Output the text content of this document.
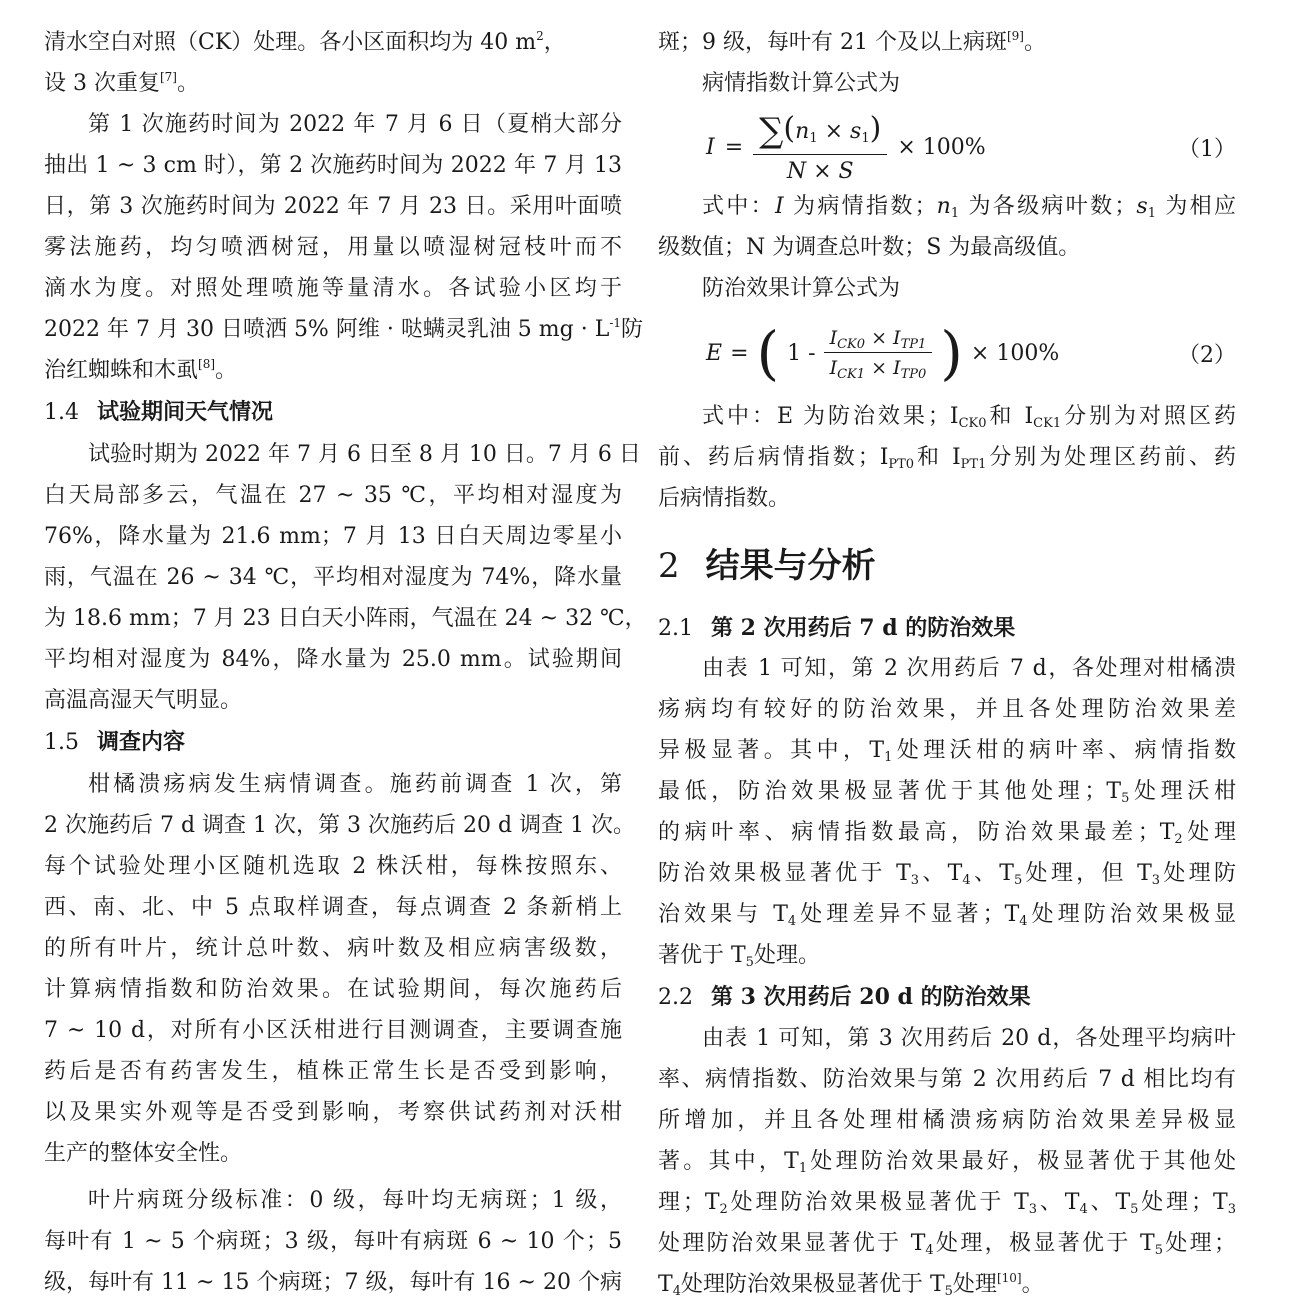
清水空白对照（CK）处理。各小区面积均为 40 $m^2$，
设 3 次重复[7]。
第 1 次施药时间为 2022 年 7 月 6 日（夏梢大部分
抽出 1 ~ 3 cm 时），第 2 次施药时间为 2022 年 7 月 13
日，第 3 次施药时间为 2022 年 7 月 23 日。采用叶面喷
雾法施药，均匀喷洒树冠，用量以喷湿树冠枝叶而不
滴水为度。对照处理喷施等量清水。各试验小区均于
2022 年 7 月 30 日喷洒 5% 阿维 · 哒螨灵乳油 5 mg · $L^{-1}$防
治红蜘蛛和木虱[8]。
1.4 试验期间天气情况
试验时期为 2022 年 7 月 6 日至 8 月 10 日。7 月 6 日
白天局部多云，气温在 27 ~ 35 ℃，平均相对湿度为
76%，降水量为 21.6 mm；7 月 13 日白天周边零星小
雨，气温在 26 ~ 34 ℃，平均相对湿度为 74%，降水量
为 18.6 mm；7 月 23 日白天小阵雨，气温在 24 ~ 32 ℃，
平均相对湿度为 84%，降水量为 25.0 mm。试验期间
高温高湿天气明显。
1.5 调查内容
柑橘溃疡病发生病情调查。施药前调查 1 次，第
2 次施药后 7 d 调查 1 次，第 3 次施药后 20 d 调查 1 次。
每个试验处理小区随机选取 2 株沃柑，每株按照东、
西、南、北、中 5 点取样调查，每点调查 2 条新梢上
的所有叶片，统计总叶数、病叶数及相应病害级数，
计算病情指数和防治效果。在试验期间，每次施药后
7 ~ 10 d，对所有小区沃柑进行目测调查，主要调查施
药后是否有药害发生，植株正常生长是否受到影响，
以及果实外观等是否受到影响，考察供试药剂对沃柑
生产的整体安全性。
叶片病斑分级标准：0 级，每叶均无病斑；1 级，
每叶有 1 ~ 5 个病斑；3 级，每叶有病斑 6 ~ 10 个；5
级，每叶有 11 ~ 15 个病斑；7 级，每叶有 16 ~ 20 个病
斑；9 级，每叶有 21 个及以上病斑[9]。
病情指数计算公式为
$I = \frac{\sum(n_1 \times s_1)}{N \times S} \times 100\%$	（1）
式中：I 为病情指数；$n_1$ 为各级病叶数；$s_1$ 为相应
级数值；N 为调查总叶数；S 为最高级值。
防治效果计算公式为
E = ( $1 - \frac{I_{CK0} \times I_{TP1}}{I_{CK1} \times I_{TP0}}$ ) × 100%	（2）
式中：E 为防治效果；$I_{CK0}$和 $I_{CK1}$分别为对照区药
前、药后病情指数；$I_{PT0}$和 $I_{PT1}$分别为处理区药前、药
后病情指数。
2 结果与分析
2.1 第 2 次用药后 7 d 的防治效果
由表 1 可知，第 2 次用药后 7 d，各处理对柑橘溃
疡病均有较好的防治效果，并且各处理防治效果差
异极显著。其中，$T_1$处理沃柑的病叶率、病情指数
最低，防治效果极显著优于其他处理；$T_5$处理沃柑
的病叶率、病情指数最高，防治效果最差；$T_2$处理
防治效果极显著优于 $T_3$、$T_4$、$T_5$处理，但 $T_3$处理防
治效果与 $T_4$处理差异不显著；$T_4$处理防治效果极显
著优于 $T_5$处理。
2.2 第 3 次用药后 20 d 的防治效果
由表 1 可知，第 3 次用药后 20 d，各处理平均病叶
率、病情指数、防治效果与第 2 次用药后 7 d 相比均有
所增加，并且各处理柑橘溃疡病防治效果差异极显
著。其中，$T_1$处理防治效果最好，极显著优于其他处
理；$T_2$处理防治效果极显著优于 $T_3$、$T_4$、$T_5$处理；$T_3$
处理防治效果显著优于 $T_4$处理，极显著优于 $T_5$处理；
$T_4$处理防治效果极显著优于 $T_5$处理[10]。
